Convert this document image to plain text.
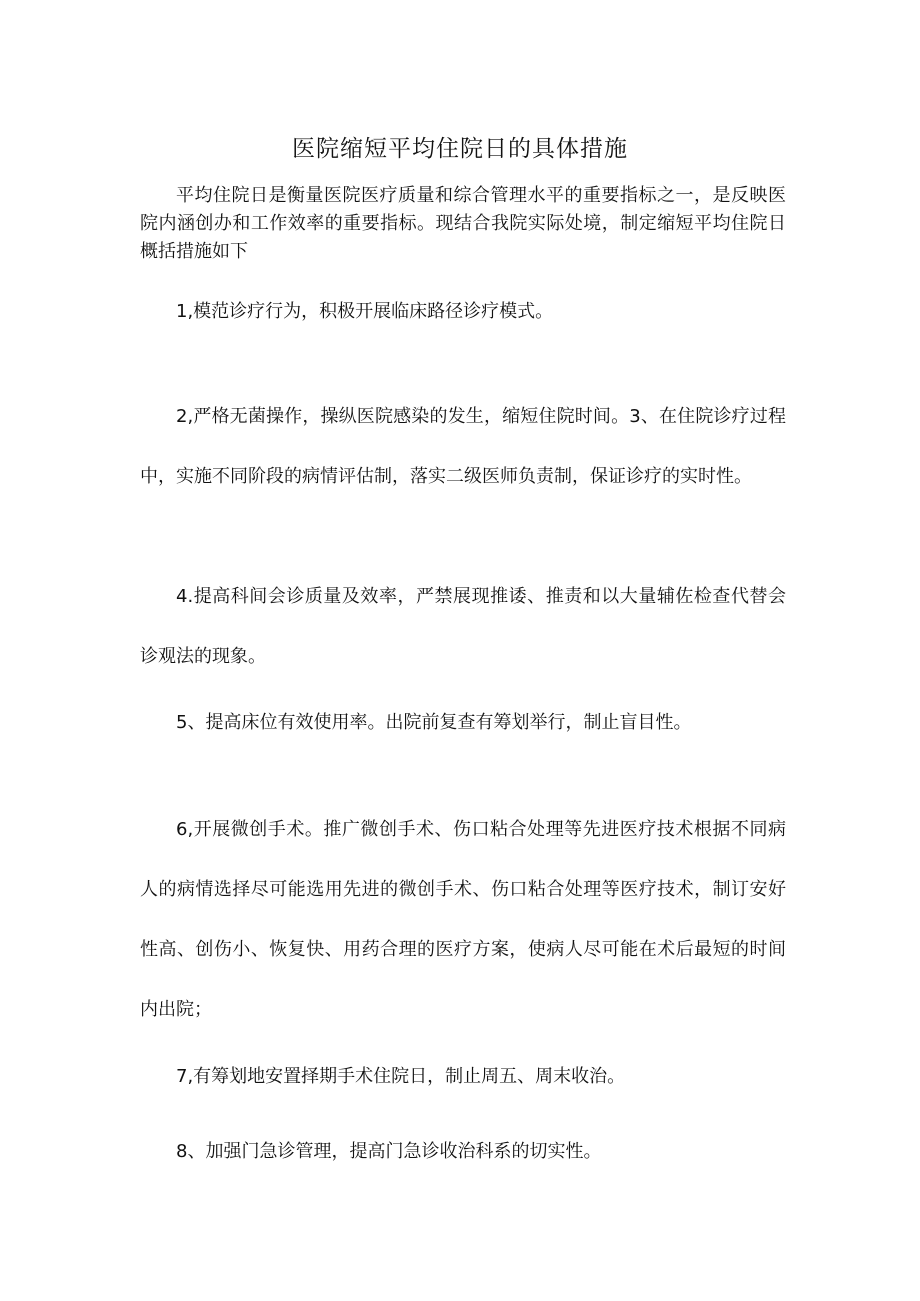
医院缩短平均住院日的具体措施

平均住院日是衡量医院医疗质量和综合管理水平的重要指标之一，是反映医院内涵创办和工作效率的重要指标。现结合我院实际处境，制定缩短平均住院日概括措施如下

1,模范诊疗行为，积极开展临床路径诊疗模式。

2,严格无菌操作，操纵医院感染的发生，缩短住院时间。3、在住院诊疗过程中，实施不同阶段的病情评估制，落实二级医师负责制，保证诊疗的实时性。

4.提高科间会诊质量及效率，严禁展现推诿、推责和以大量辅佐检查代替会诊观法的现象。

5、提高床位有效使用率。出院前复查有筹划举行，制止盲目性。

6,开展微创手术。推广微创手术、伤口粘合处理等先进医疗技术根据不同病人的病情选择尽可能选用先进的微创手术、伤口粘合处理等医疗技术，制订安好性高、创伤小、恢复快、用药合理的医疗方案，使病人尽可能在术后最短的时间内出院；

7,有筹划地安置择期手术住院日，制止周五、周末收治。

8、加强门急诊管理，提高门急诊收治科系的切实性。
